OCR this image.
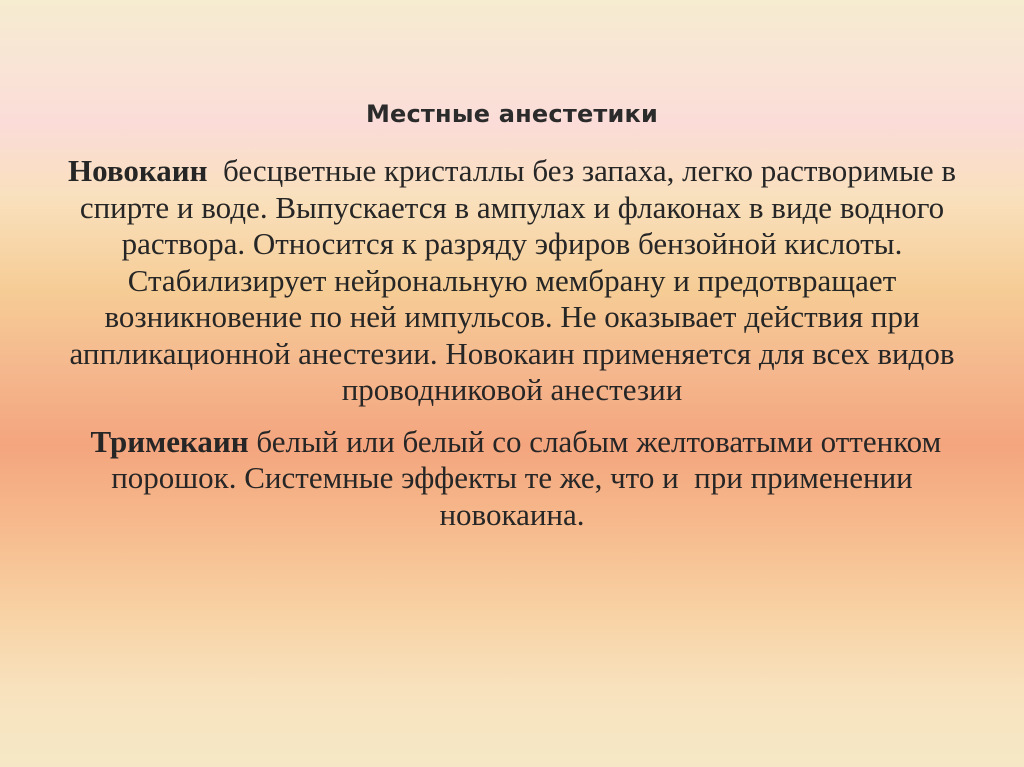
Местные анестетики

Новокаин  бесцветные кристаллы без запаха, легко растворимые в спирте и воде. Выпускается в ампулах и флаконах в виде водного раствора. Относится к разряду эфиров бензойной кислоты. Стабилизирует нейрональную мембрану и предотвращает возникновение по ней импульсов. Не оказывает действия при аппликационной анестезии. Новокаин применяется для всех видов проводниковой анестезии

Тримекаин белый или белый со слабым желтоватыми оттенком порошок. Системные эффекты те же, что и  при применении новокаина.
